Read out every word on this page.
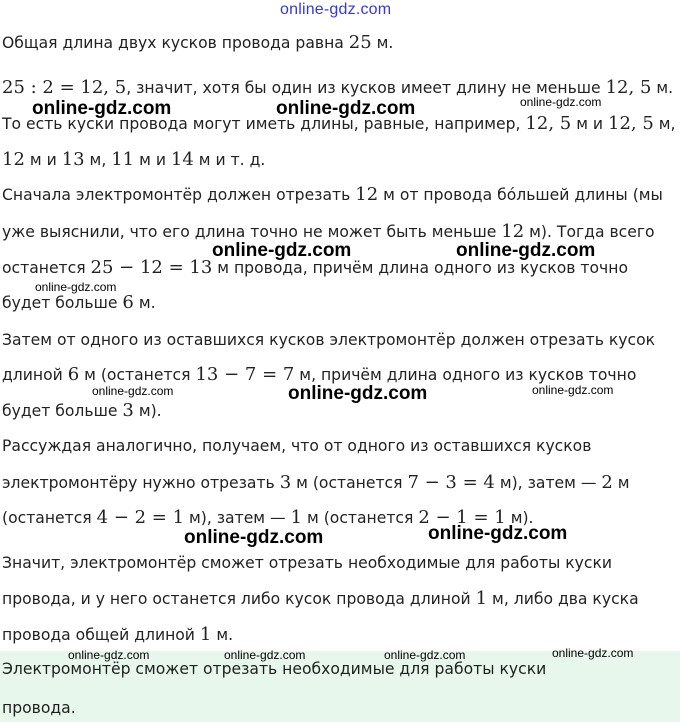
Общая длина двух кусков провода равна 25 м.
25 : 2 = 12, 5, значит, хотя бы один из кусков имеет длину не меньше 12, 5 м.
То есть куски провода могут иметь длины, равные, например, 12, 5 м и 12, 5 м,
12 м и 13 м, 11 м и 14 м и т. д.
Сначала электромонтёр должен отрезать 12 м от провода бóльшей длины (мы
уже выяснили, что его длина точно не может быть меньше 12 м). Тогда всего
останется 25 − 12 = 13 м провода, причём длина одного из кусков точно
будет больше 6 м.
Затем от одного из оставшихся кусков электромонтёр должен отрезать кусок
длиной 6 м (останется 13 − 7 = 7 м, причём длина одного из кусков точно
будет больше 3 м).
Рассуждая аналогично, получаем, что от одного из оставшихся кусков
электромонтёру нужно отрезать 3 м (останется 7 − 3 = 4 м), затем — 2 м
(останется 4 − 2 = 1 м), затем — 1 м (останется 2 − 1 = 1 м).
Значит, электромонтёр сможет отрезать необходимые для работы куски
провода, и у него останется либо кусок провода длиной 1 м, либо два куска
провода общей длиной 1 м.
Электромонтёр сможет отрезать необходимые для работы куски
провода.
online-gdz.com
online-gdz.com	online-gdz.com	online-gdz.com
online-gdz.com
online-gdz.com	online-gdz.com
online-gdz.com	online-gdz.com	online-gdz.com
online-gdz.com	online-gdz.com
online-gdz.com	online-gdz.com	online-gdz.com	online-gdz.com
